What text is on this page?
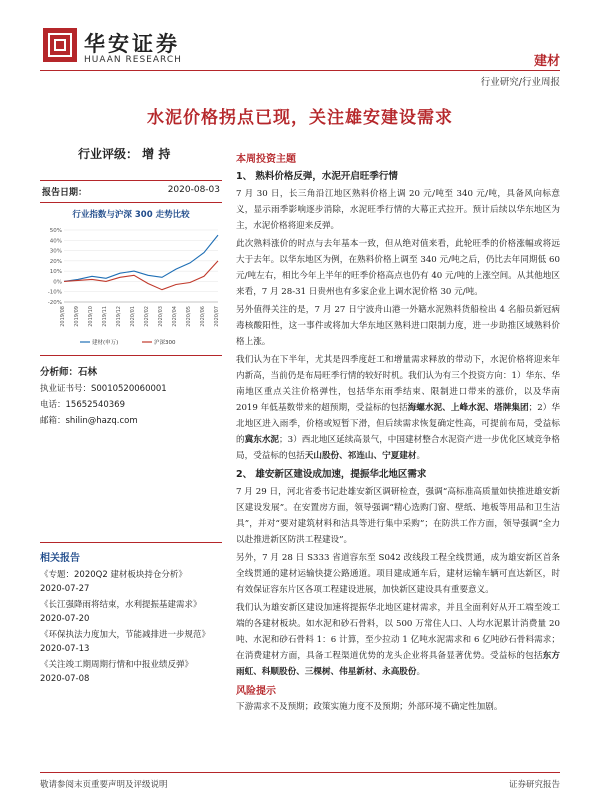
华安证券
HUAAN RESEARCH	建材
行业研究/行业周报
水泥价格拐点已现，关注雄安建设需求
行业评级： 增 持
报告日期：	2020-08-03
行业指数与沪深 300 走势比较
50%
40%
30%
20%
10%
0%
-10%
-20%
2019/08 2019/09 2019/10 2019/11 2019/12 2020/01 2020/02 2020/03 2020/04 2020/05 2020/06 2020/07
建材(申万)	沪深300
分析师：石林
执业证书号：S0010520060001
电话：15652540369
邮箱：shilin@hazq.com
相关报告
《专题：2020Q2 建材板块持仓分析》
2020-07-27
《长江强降雨将结束，水利提振基建需求》
2020-07-20
《环保执法力度加大，节能减排进一步规范》
2020-07-13
《关注竣工期周期行情和中报业绩反弹》
2020-07-08
本周投资主题
1、 熟料价格反弹，水泥开启旺季行情

7 月 30 日，长三角沿江地区熟料价格上调 20 元/吨至 340 元/吨，具备风向标意义，显示雨季影响逐步消除，水泥旺季行情的大幕正式拉开。预计后续以华东地区为主，水泥价格将迎来反弹。

此次熟料涨价的时点与去年基本一致，但从绝对值来看，此轮旺季的价格涨幅或将远大于去年。以华东地区为例，在熟料价格上调至 340 元/吨之后，仍比去年同期低 60 元/吨左右，相比今年上半年的旺季价格高点也仍有 40 元/吨的上涨空间。从其他地区来看，7 月 28-31 日贵州也有多家企业上调水泥价格 30 元/吨。

另外值得关注的是，7 月 27 日宁波舟山港一外籍水泥熟料货船检出 4 名船员新冠病毒核酸阳性，这一事件或将加大华东地区熟料进口限制力度，进一步助推区域熟料价格上涨。

我们认为在下半年，尤其是四季度赶工和增量需求释放的带动下，水泥价格将迎来年内新高，当前仍是布局旺季行情的较好时机。我们认为有三个投资方向：1）华东、华南地区重点关注价格弹性，包括华东雨季结束、限制进口带来的涨价，以及华南 2019 年低基数带来的超预期，受益标的包括海螺水泥、上峰水泥、塔牌集团；2）华北地区进入雨季，价格或短暂下滑，但后续需求恢复确定性高，可提前布局，受益标的冀东水泥；3）西北地区延续高景气，中国建材整合水泥资产进一步优化区域竞争格局，受益标的包括天山股份、祁连山、宁夏建材。

2、 雄安新区建设成加速，提振华北地区需求

7 月 29 日，河北省委书记赴雄安新区调研检查，强调“高标准高质量如快推进雄安新区建设发展”。在安置房方面，领导强调“精心选购门窗、壁纸、地板等用品和卫生洁具”，并对“要对建筑材料和洁具等进行集中采购”；在防洪工作方面，领导强调“全力以赴推进新区防洪工程建设”。

另外，7 月 28 日 S333 省道容东至 S042 改线段工程全线贯通，成为雄安新区首条全线贯通的建材运输快捷公路通道。项目建成通车后，建材运输车辆可直达新区，时有效保证容东片区各项工程建设进展，加快新区建设具有重要意义。

我们认为雄安新区建设加速将提振华北地区建材需求，并且全面利好从开工端至竣工端的各建材板块。如水泥和砂石骨料，以 500 万常住人口、人均水泥累计消费量 20 吨、水泥和砂石骨料 1：6 计算，至少拉动 1 亿吨水泥需求和 6 亿吨砂石骨料需求；在消费建材方面，具备工程渠道优势的龙头企业将具备显著优势。受益标的包括东方雨虹、科顺股份、三棵树、伟星新材、永高股份。

风险提示

下游需求不及预期；政策实施力度不及预期；外部环境不确定性加剧。

敬请参阅末页重要声明及评级说明	证券研究报告
